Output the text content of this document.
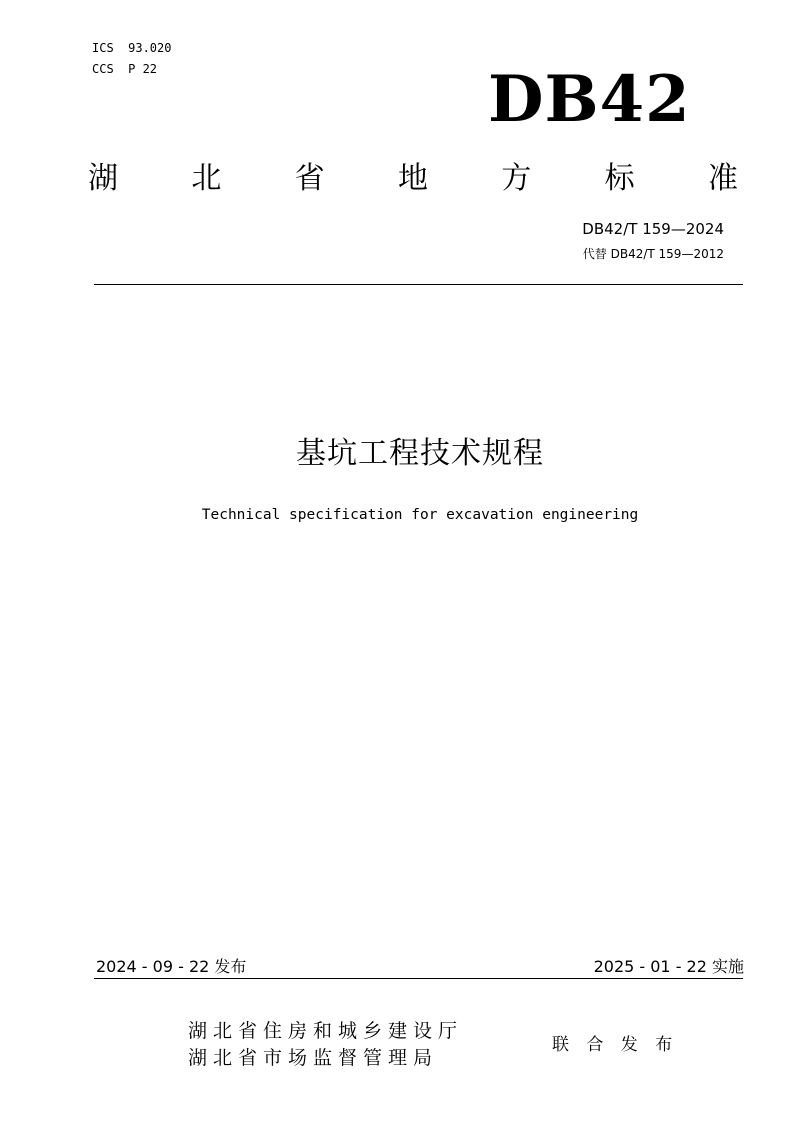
ICS  93.020
CCS  P 22	DB42
湖 北 省 地 方 标 准
DB42/T 159—2024
代替 DB42/T 159—2012
基坑工程技术规程
Technical specification for excavation engineering
2024 - 09 - 22 发布	2025 - 01 - 22 实施
湖北省住房和城乡建设厅
湖北省市场监督管理局
联 合 发 布
